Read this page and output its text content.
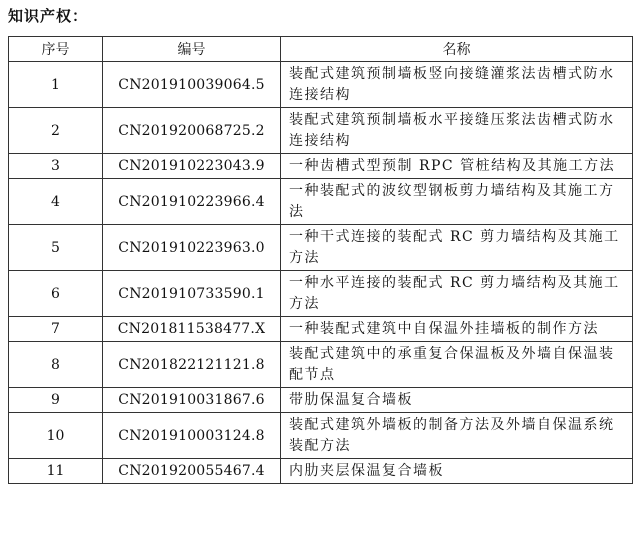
知识产权：
序号	编号	名称
1	CN201910039064.5	装配式建筑预制墙板竖向接缝灌浆法齿槽式防水连接结构
2	CN201920068725.2	装配式建筑预制墙板水平接缝压浆法齿槽式防水连接结构
3	CN201910223043.9	一种齿槽式型预制 RPC 管桩结构及其施工方法
4	CN201910223966.4	一种装配式的波纹型钢板剪力墙结构及其施工方法
5	CN201910223963.0	一种干式连接的装配式 RC 剪力墙结构及其施工方法
6	CN201910733590.1	一种水平连接的装配式 RC 剪力墙结构及其施工方法
7	CN201811538477.X	一种装配式建筑中自保温外挂墙板的制作方法
8	CN201822121121.8	装配式建筑中的承重复合保温板及外墙自保温装配节点
9	CN201910031867.6	带肋保温复合墙板
10	CN201910003124.8	装配式建筑外墙板的制备方法及外墙自保温系统装配方法
11	CN201920055467.4	内肋夹层保温复合墙板
